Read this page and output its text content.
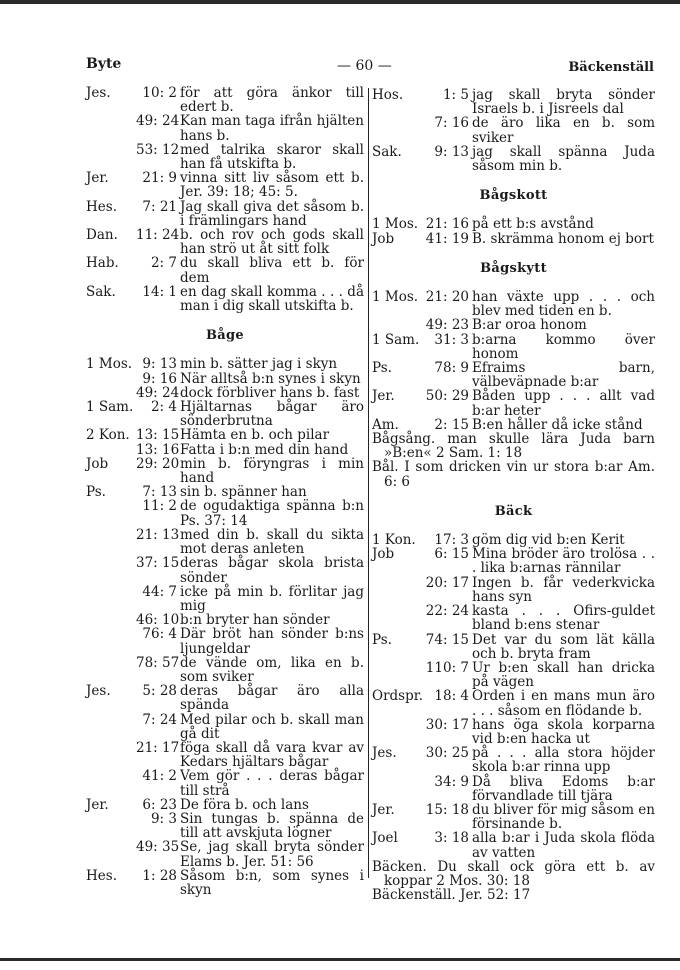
Byte	— 60 —	Bäckenställ
Jes.	10: 2 för att göra änkor till edert b.
49: 24 Kan man taga ifrån hjälten hans b.
53: 12 med talrika skaror skall han få utskifta b.
Jer.	21: 9 vinna sitt liv såsom ett b. Jer. 39: 18; 45: 5.
Hes.	7: 21 Jag skall giva det såsom b. i främlingars hand
Dan.	11: 24 b. och rov och gods skall han strö ut åt sitt folk
Hab.	2: 7 du skall bliva ett b. för dem
Sak.	14: 1 en dag skall komma . . . då man i dig skall utskifta b.
Båge
1 Mos. 9: 13 min b. sätter jag i skyn
9: 16 När alltså b:n synes i skyn
49: 24 dock förbliver hans b. fast
1 Sam.	2: 4 Hjältarnas bågar äro sönderbrutna
2 Kon. 13: 15 Hämta en b. och pilar
13: 16 Fatta i b:n med din hand
Job	29: 20 min b. föryngras i min hand
Ps.	7: 13 sin b. spänner han
11: 2 de ogudaktiga spänna b:n Ps. 37: 14
21: 13 med din b. skall du sikta mot deras anleten
37: 15 deras bågar skola brista sönder
44: 7 icke på min b. förlitar jag mig
46: 10 b:n bryter han sönder
76: 4 Där bröt han sönder b:ns ljungeldar
78: 57 de vände om, lika en b. som sviker
Jes.	5: 28 deras bågar äro alla spända
7: 24 Med pilar och b. skall man gå dit
21: 17 föga skall då vara kvar av Kedars hjältars bågar
41: 2 Vem gör . . . deras bågar till strå
Jer.	6: 23 De föra b. och lans
9: 3 Sin tungas b. spänna de till att avskjuta lögner
49: 35 Se, jag skall bryta sönder Elams b. Jer. 51: 56
Hes.	1: 28 Såsom b:n, som synes i skyn
Hos.	1: 5 jag skall bryta sönder Israels b. i Jisreels dal
7: 16 de äro lika en b. som sviker
Sak.	9: 13 jag skall spänna Juda såsom min b.
Bågskott
1 Mos. 21: 16 på ett b:s avstånd
Job	41: 19 B. skrämma honom ej bort
Bågskytt
1 Mos. 21: 20 han växte upp . . . och blev med tiden en b.
49: 23 B:ar oroa honom
1 Sam.	31: 3 b:arna kommo över honom
Ps.	78: 9 Efraims barn, välbeväpnade b:ar
Jer.	50: 29 Båden upp . . . allt vad b:ar heter
Am.	2: 15 B:en håller då icke stånd
Bågsång. man skulle lära Juda barn »B:en« 2 Sam. 1: 18
Bål. I som dricken vin ur stora b:ar Am. 6: 6
Bäck
1 Kon.	17: 3 göm dig vid b:en Kerit
Job	6: 15 Mina bröder äro trolösa . . . lika b:arnas rännilar
20: 17 Ingen b. får vederkvicka hans syn
22: 24 kasta . . . Ofirs-guldet bland b:ens stenar
Ps.	74: 15 Det var du som lät källa och b. bryta fram
110: 7 Ur b:en skall han dricka på vägen
Ordspr. 18: 4 Orden i en mans mun äro . . . såsom en flödande b.
30: 17 hans öga skola korparna vid b:en hacka ut
Jes.	30: 25 på . . . alla stora höjder skola b:ar rinna upp
34: 9 Då bliva Edoms b:ar förvandlade till tjära
Jer.	15: 18 du bliver för mig såsom en försinande b.
Joel	3: 18 alla b:ar i Juda skola flöda av vatten
Bäcken. Du skall ock göra ett b. av koppar 2 Mos. 30: 18
Bäckenställ. Jer. 52: 17
